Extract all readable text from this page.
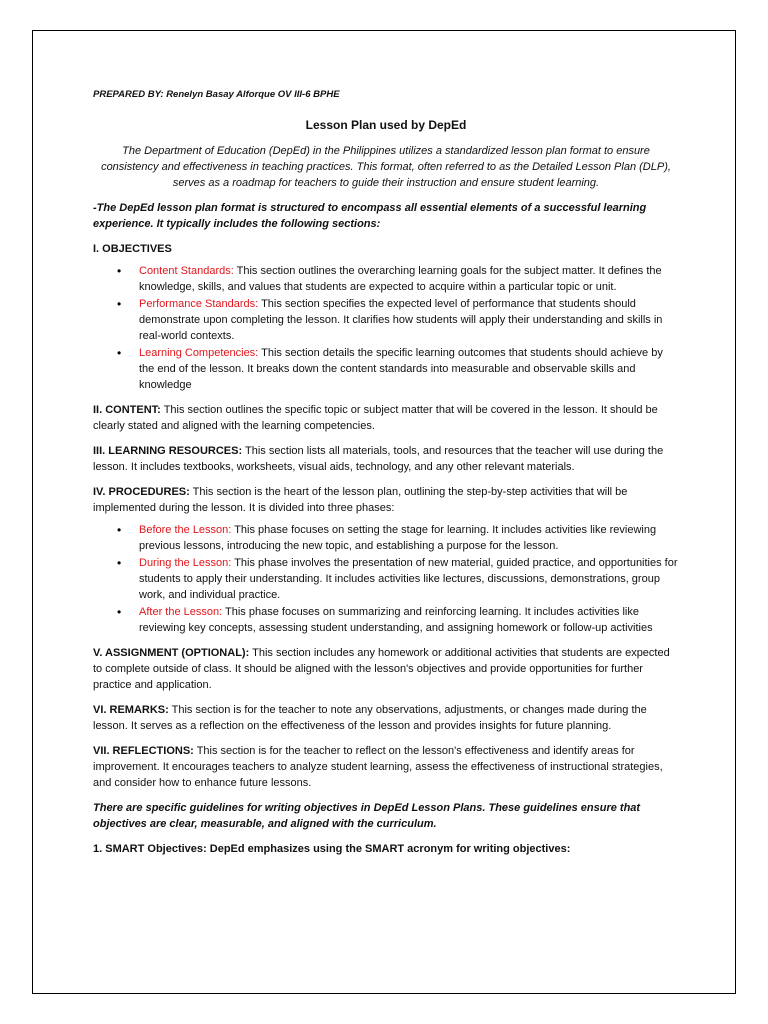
PREPARED BY: Renelyn Basay Alforque OV III-6 BPHE

Lesson Plan used by DepEd

The Department of Education (DepEd) in the Philippines utilizes a standardized lesson plan format to ensure consistency and effectiveness in teaching practices. This format, often referred to as the Detailed Lesson Plan (DLP), serves as a roadmap for teachers to guide their instruction and ensure student learning.

-The DepEd lesson plan format is structured to encompass all essential elements of a successful learning experience. It typically includes the following sections:

I. OBJECTIVES

• Content Standards: This section outlines the overarching learning goals for the subject matter. It defines the knowledge, skills, and values that students are expected to acquire within a particular topic or unit.
• Performance Standards: This section specifies the expected level of performance that students should demonstrate upon completing the lesson. It clarifies how students will apply their understanding and skills in real-world contexts.
• Learning Competencies: This section details the specific learning outcomes that students should achieve by the end of the lesson. It breaks down the content standards into measurable and observable skills and knowledge

II. CONTENT: This section outlines the specific topic or subject matter that will be covered in the lesson. It should be clearly stated and aligned with the learning competencies.

III. LEARNING RESOURCES: This section lists all materials, tools, and resources that the teacher will use during the lesson. It includes textbooks, worksheets, visual aids, technology, and any other relevant materials.

IV. PROCEDURES: This section is the heart of the lesson plan, outlining the step-by-step activities that will be implemented during the lesson. It is divided into three phases:

• Before the Lesson: This phase focuses on setting the stage for learning. It includes activities like reviewing previous lessons, introducing the new topic, and establishing a purpose for the lesson.
• During the Lesson: This phase involves the presentation of new material, guided practice, and opportunities for students to apply their understanding. It includes activities like lectures, discussions, demonstrations, group work, and individual practice.
• After the Lesson: This phase focuses on summarizing and reinforcing learning. It includes activities like reviewing key concepts, assessing student understanding, and assigning homework or follow-up activities

V. ASSIGNMENT (OPTIONAL): This section includes any homework or additional activities that students are expected to complete outside of class. It should be aligned with the lesson's objectives and provide opportunities for further practice and application.

VI. REMARKS: This section is for the teacher to note any observations, adjustments, or changes made during the lesson. It serves as a reflection on the effectiveness of the lesson and provides insights for future planning.

VII. REFLECTIONS: This section is for the teacher to reflect on the lesson's effectiveness and identify areas for improvement. It encourages teachers to analyze student learning, assess the effectiveness of instructional strategies, and consider how to enhance future lessons.

There are specific guidelines for writing objectives in DepEd Lesson Plans. These guidelines ensure that objectives are clear, measurable, and aligned with the curriculum.

1. SMART Objectives: DepEd emphasizes using the SMART acronym for writing objectives:
